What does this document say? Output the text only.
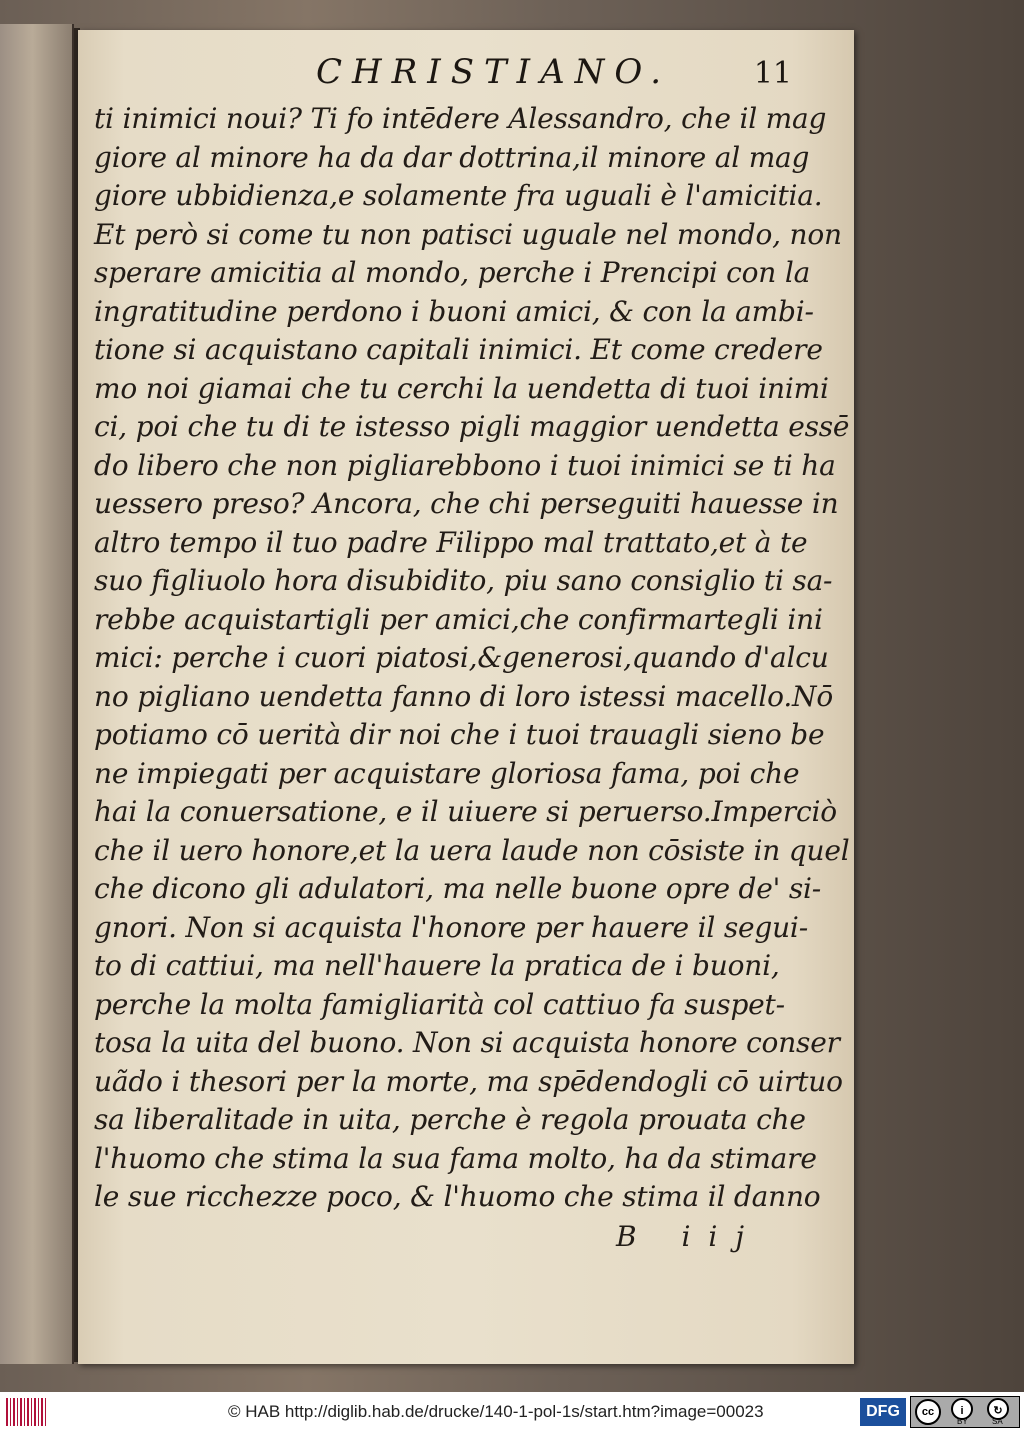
CHRISTIANO.	11
ti inimici noui? Ti fo intēdere Alessandro, che il mag
giore al minore ha da dar dottrina,il minore al mag
giore ubbidienza,e solamente fra uguali è l'amicitia.
Et però si come tu non patisci uguale nel mondo, non
sperare amicitia al mondo, perche i Prencipi con la
ingratitudine perdono i buoni amici, & con la ambi-
tione si acquistano capitali inimici. Et come credere
mo noi giamai che tu cerchi la uendetta di tuoi inimi
ci, poi che tu di te istesso pigli maggior uendetta essē
do libero che non pigliarebbono i tuoi inimici se ti ha
uessero preso? Ancora, che chi perseguiti hauesse in
altro tempo il tuo padre Filippo mal trattato,et à te
suo figliuolo hora disubidito, piu sano consiglio ti sa-
rebbe acquistartigli per amici,che confirmartegli ini
mici: perche i cuori piatosi,&generosi,quando d'alcu
no pigliano uendetta fanno di loro istessi macello.Nō
potiamo cō uerità dir noi che i tuoi trauagli sieno be
ne impiegati per acquistare gloriosa fama, poi che
hai la conuersatione, e il uiuere si peruerso.Imperciò
che il uero honore,et la uera laude non cōsiste in quel
che dicono gli adulatori, ma nelle buone opre de' si-
gnori. Non si acquista l'honore per hauere il segui-
to di cattiui, ma nell'hauere la pratica de i buoni,
perche la molta famigliarità col cattiuo fa suspet-
tosa la uita del buono. Non si acquista honore conser
uãdo i thesori per la morte, ma spēdendogli cō uirtuo
sa liberalitade in uita, perche è regola prouata che
l'huomo che stima la sua fama molto, ha da stimare
le sue ricchezze poco, & l'huomo che stima il danno
B iij
© HAB http://diglib.hab.de/drucke/140-1-pol-1s/start.htm?image=00023	DFG	cc	i
BY
↻
SA
